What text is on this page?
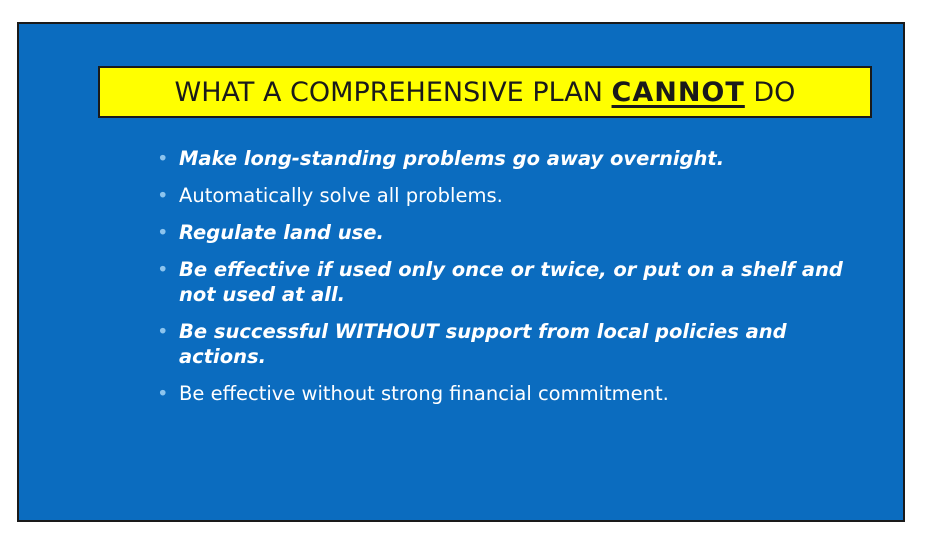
WHAT A COMPREHENSIVE PLAN CANNOT DO
• Make long-standing problems go away overnight.
• Automatically solve all problems.
• Regulate land use.
• Be effective if used only once or twice, or put on a shelf and not used at all.
• Be successful WITHOUT support from local policies and actions.
• Be effective without strong financial commitment.
